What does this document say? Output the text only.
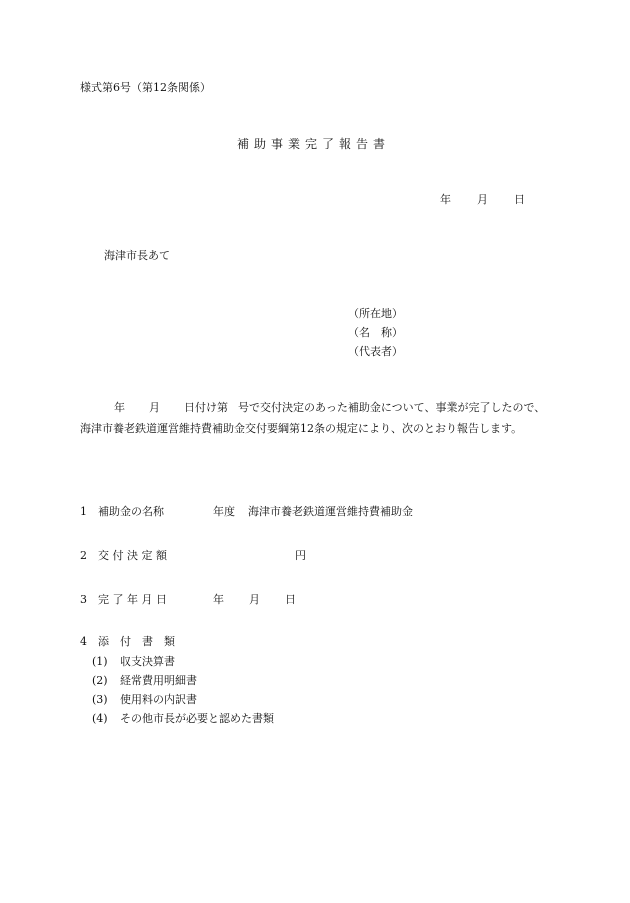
様式第6号（第12条関係）
補助事業完了報告書
年 月 日
海津市長あて
（所在地）
（名　称）
（代表者）

年 月 日付け第 号で交付決定のあった補助金について、事業が完了したので、海津市養老鉄道運営維持費補助金交付要綱第12条の規定により、次のとおり報告します。

1 補助金の名称	年度 海津市養老鉄道運営維持費補助金
2 交 付 決 定 額	円
3 完 了 年 月 日	年 月 日
4 添　付　書　類
(1) 収支決算書
(2) 経常費用明細書
(3) 使用料の内訳書
(4) その他市長が必要と認めた書類
